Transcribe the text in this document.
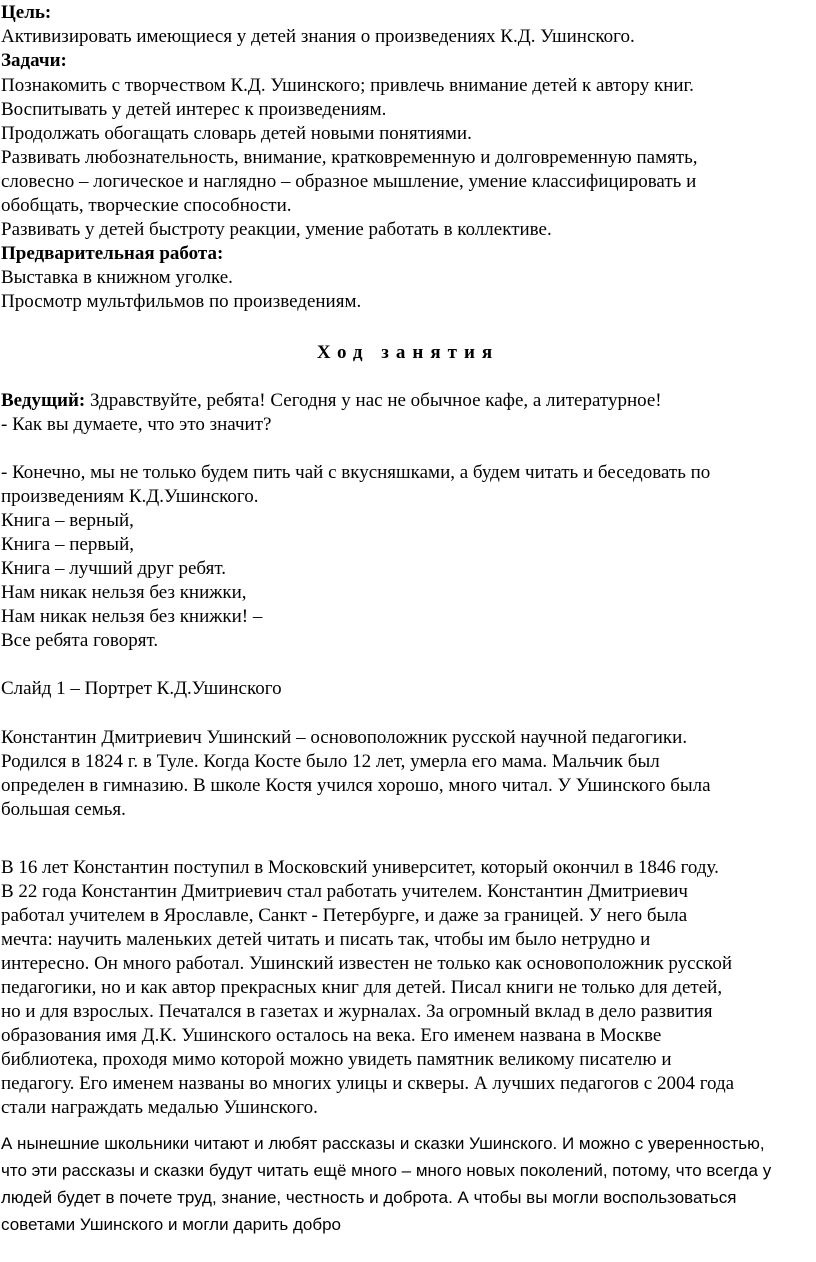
Цель:
Активизировать имеющиеся у детей знания о произведениях К.Д. Ушинского.
Задачи:
Познакомить с творчеством К.Д. Ушинского; привлечь внимание детей к автору книг.
Воспитывать у детей интерес к произведениям.
Продолжать обогащать словарь детей новыми понятиями.
Развивать любознательность, внимание, кратковременную и долговременную память,
словесно – логическое и наглядно – образное мышление, умение классифицировать и
обобщать, творческие способности.
Развивать у детей быстроту реакции, умение работать в коллективе.
Предварительная работа:
Выставка в книжном уголке.
Просмотр мультфильмов по произведениям.
Ход занятия
Ведущий: Здравствуйте, ребята! Сегодня у нас не обычное кафе, а литературное!
- Как вы думаете, что это значит?
- Конечно, мы не только будем пить чай с вкусняшками, а будем читать и беседовать по
произведениям К.Д.Ушинского.
Книга – верный,
Книга – первый,
Книга – лучший друг ребят.
Нам никак нельзя без книжки,
Нам никак нельзя без книжки! –
Все ребята говорят.
Слайд 1 – Портрет К.Д.Ушинского
Константин Дмитриевич Ушинский – основоположник русской научной педагогики.
Родился в 1824 г. в Туле. Когда Косте было 12 лет, умерла его мама. Мальчик был
определен в гимназию. В школе Костя учился хорошо, много читал. У Ушинского была
большая семья.
В 16 лет Константин поступил в Московский университет, который окончил в 1846 году.
В 22 года Константин Дмитриевич стал работать учителем. Константин Дмитриевич
работал учителем в Ярославле, Санкт - Петербурге, и даже за границей. У него была
мечта: научить маленьких детей читать и писать так, чтобы им было нетрудно и
интересно. Он много работал. Ушинский известен не только как основоположник русской
педагогики, но и как автор прекрасных книг для детей. Писал книги не только для детей,
но и для взрослых. Печатался в газетах и журналах. За огромный вклад в дело развития
образования имя Д.К. Ушинского осталось на века. Его именем названа в Москве
библиотека, проходя мимо которой можно увидеть памятник великому писателю и
педагогу. Его именем названы во многих улицы и скверы. А лучших педагогов с 2004 года
стали награждать медалью Ушинского.
А нынешние школьники читают и любят рассказы и сказки Ушинского. И можно с уверенностью,
что эти рассказы и сказки будут читать ещё много – много новых поколений, потому, что всегда у
людей будет в почете труд, знание, честность и доброта. А чтобы вы могли воспользоваться
советами Ушинского и могли дарить добро
